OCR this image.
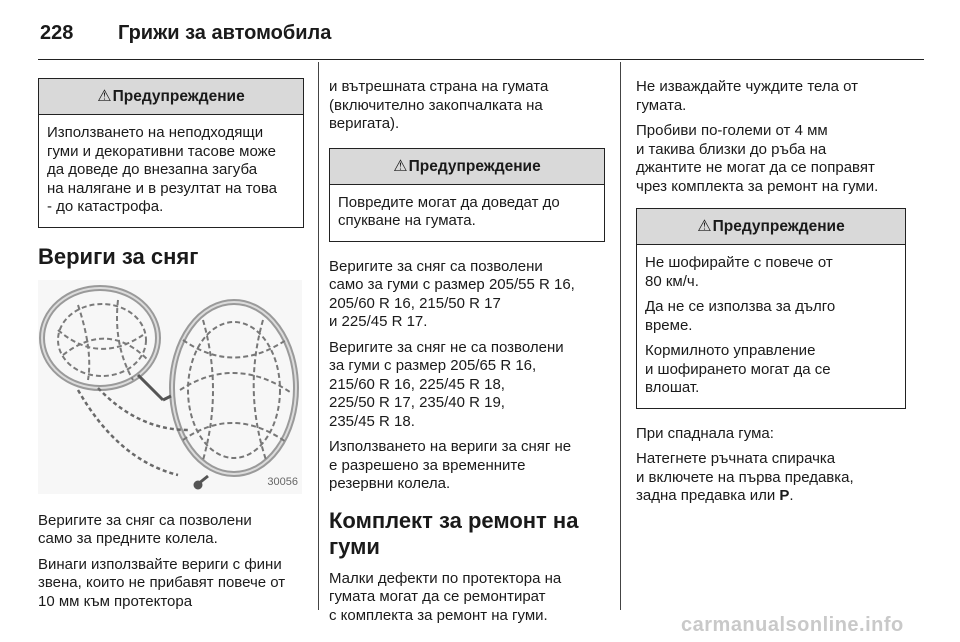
228 Грижи за автомобила
⚠Предупреждение

Използването на неподходящи
гуми и декоративни тасове може
да доведе до внезапна загуба
на налягане и в резултат на това
- до катастрофа.

Вериги за сняг
30056

Веригите за сняг са позволени
само за предните колела.

Винаги използвайте вериги с фини
звена, които не прибавят повече от
10 мм към протектора

и вътрешната страна на гумата
(включително закопчалката на
веригата).

⚠Предупреждение

Повредите могат да доведат до
спукване на гумата.

Веригите за сняг са позволени
само за гуми с размер 205/55 R 16,
205/60 R 16, 215/50 R 17
и 225/45 R 17.

Веригите за сняг не са позволени
за гуми с размер 205/65 R 16,
215/60 R 16, 225/45 R 18,
225/50 R 17, 235/40 R 19,
235/45 R 18.

Използването на вериги за сняг не
е разрешено за временните
резервни колела.

Комплект за ремонт на
гуми

Малки дефекти по протектора на
гумата могат да се ремонтират
с комплекта за ремонт на гуми.

Не изваждайте чуждите тела от
гумата.

Пробиви по-големи от 4 мм
и такива близки до ръба на
джантите не могат да се поправят
чрез комплекта за ремонт на гуми.

⚠Предупреждение

Не шофирайте с повече от
80 км/ч.

Да не се използва за дълго
време.

Кормилното управление
и шофирането могат да се
влошат.

При спаднала гума:

Натегнете ръчната спирачка
и включете на първа предавка,
задна предавка или P.

carmanualsonline.info
